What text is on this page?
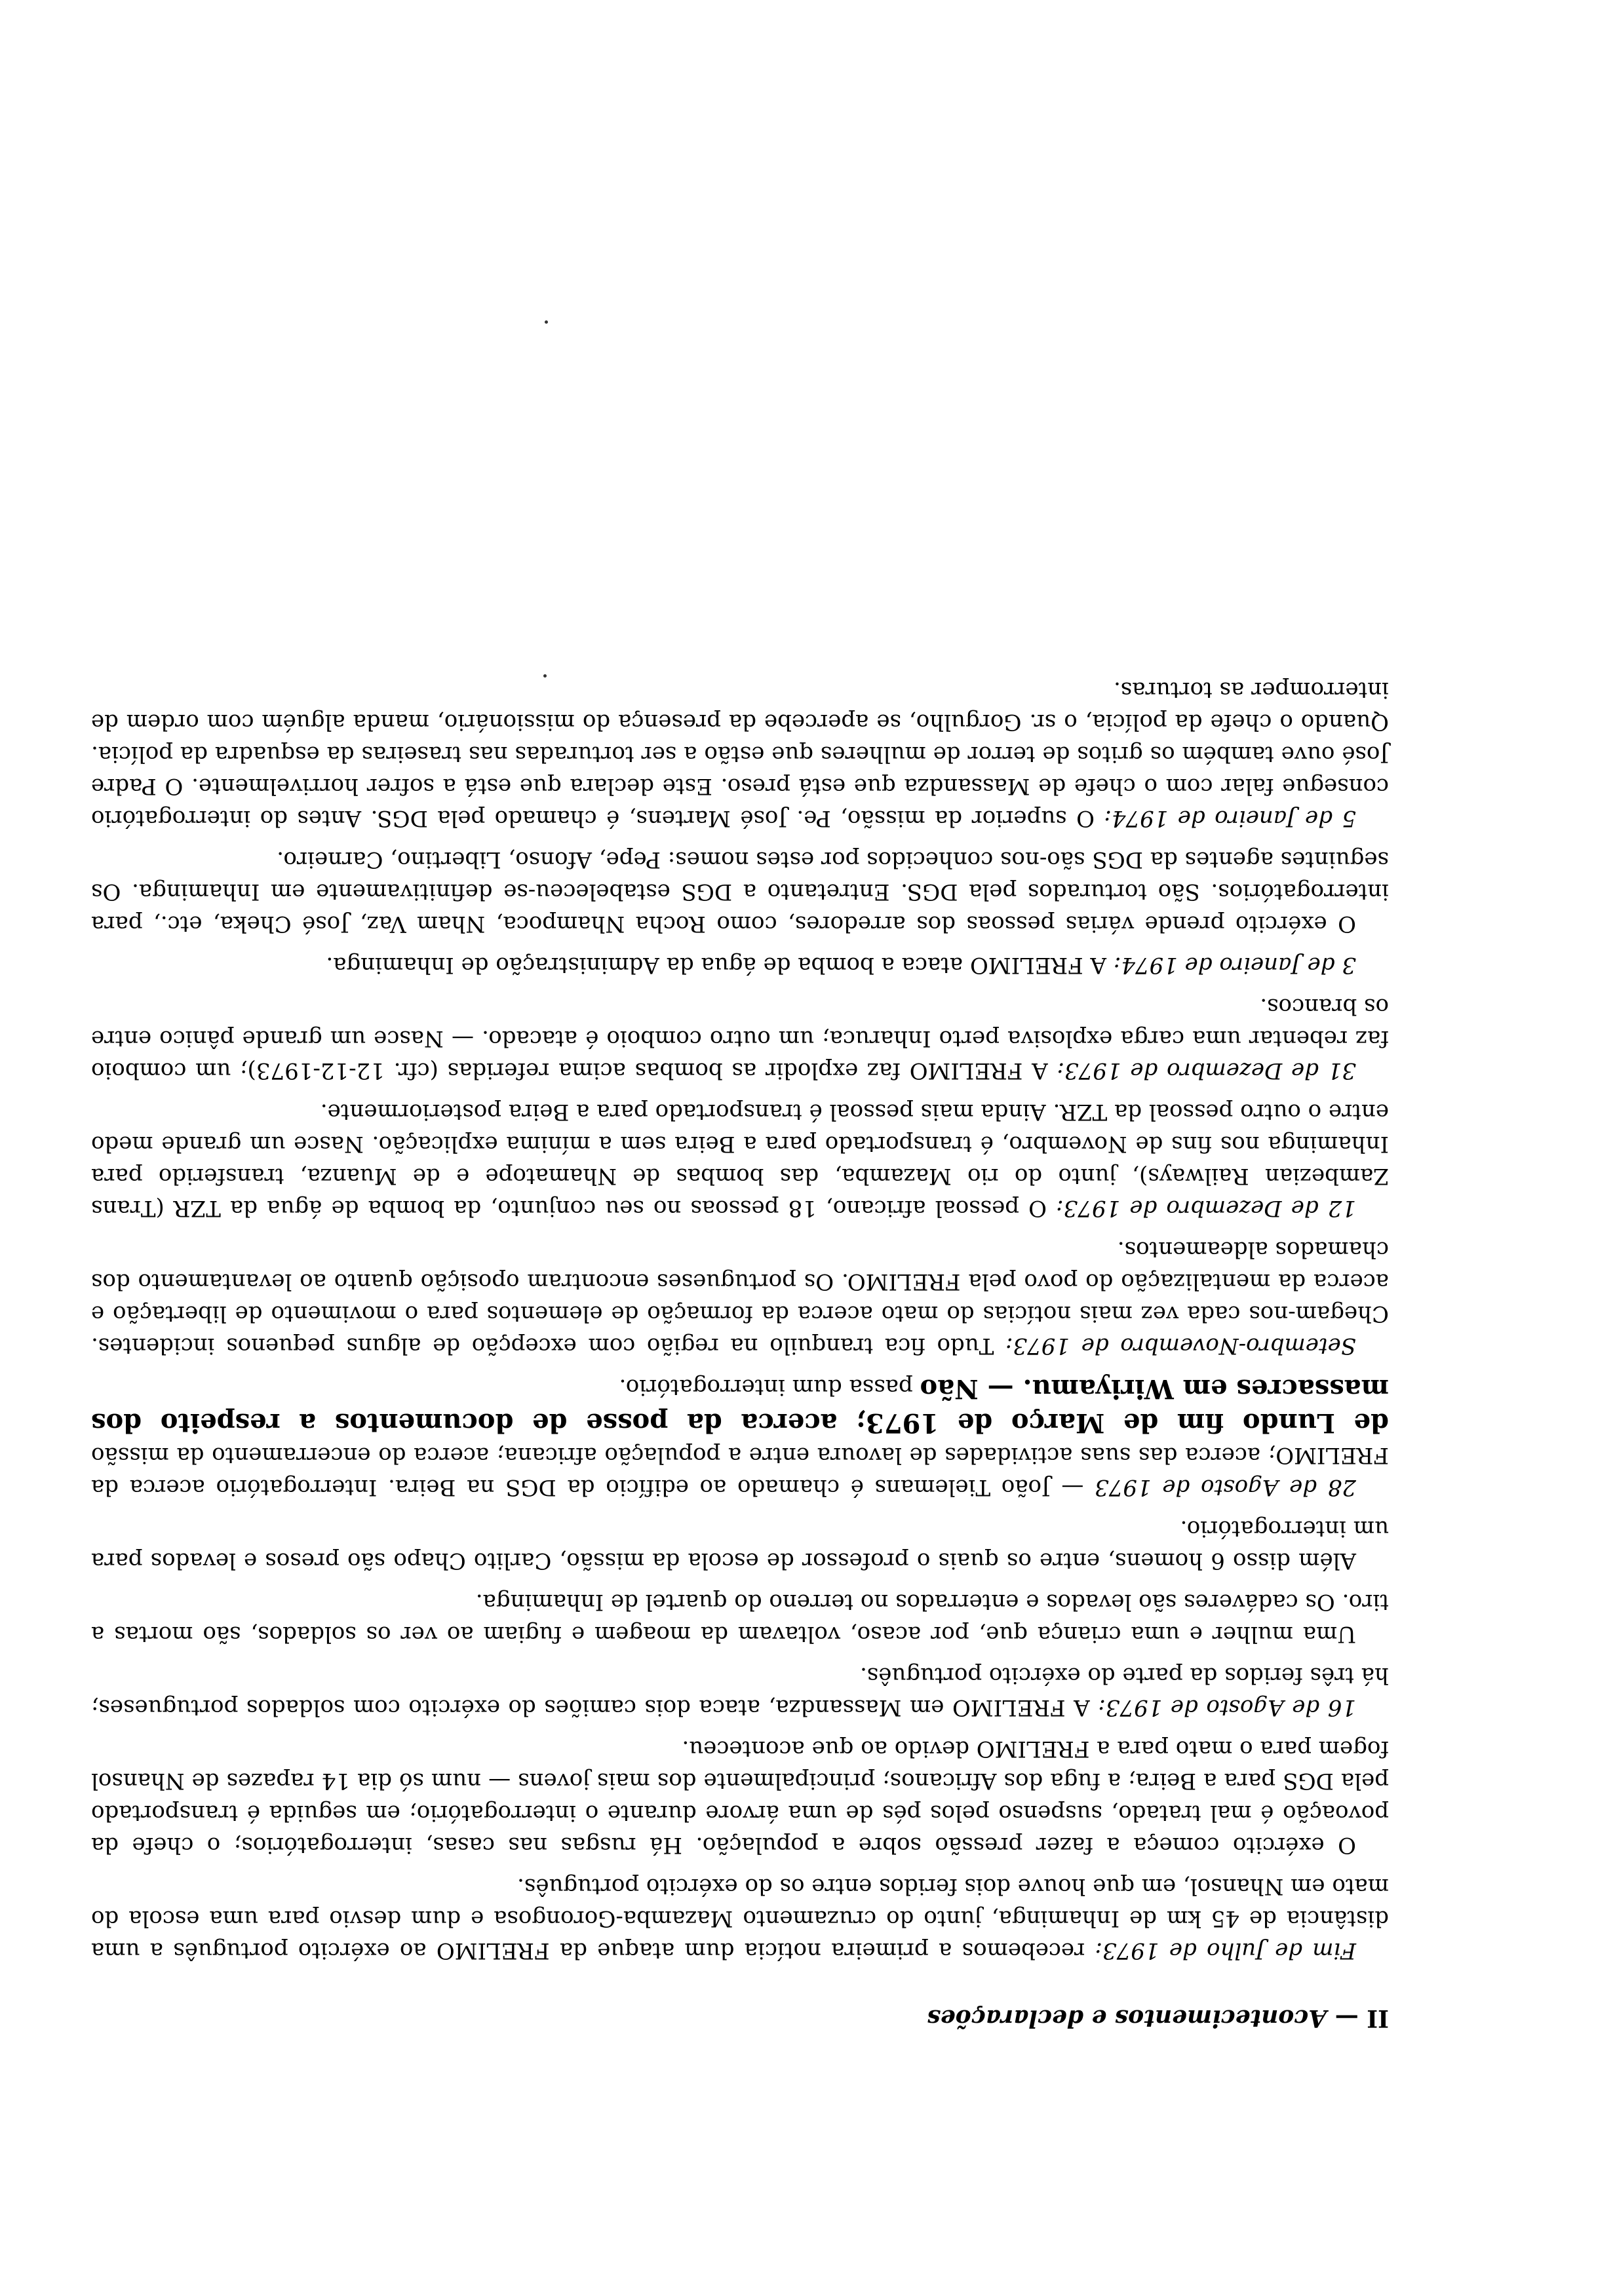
II — Acontecimentos e declarações

Fim de Julho de 1973: recebemos a primeira notícia dum ataque da FRELIMO ao exército português a uma distância de 45 km de Inhaminga, junto do cruzamento Mazamba-Gorongosa e dum desvio para uma escola do mato em Nhansol, em que houve dois feridos entre os do exército português.

O exército começa a fazer pressão sobre a população. Há rusgas nas casas, interrogatórios; o chefe da povoação é mal tratado, suspenso pelos pés de uma árvore durante o interrogatório; em seguida é transportado pela DGS para a Beira; a fuga dos Africanos; principalmente dos mais jovens — num só dia 14 rapazes de Nhansol fogem para o mato para a FRELIMO devido ao que aconteceu.

16 de Agosto de 1973: A FRELIMO em Massandza, ataca dois camiões do exército com soldados portugueses; há três feridos da parte do exército português.

Uma mulher e uma criança que, por acaso, voltavam da moagem e fugiam ao ver os soldados, são mortas a tiro. Os cadáveres são levados e enterrados no terreno do quartel de Inhaminga.

Além disso 6 homens, entre os quais o professor de escola da missão, Carlito Chapo são presos e levados para um interrogatório.

28 de Agosto de 1973 — João Tielemans é chamado ao edifício da DGS na Beira. Interrogatório acerca da FRELIMO; acerca das suas actividades de lavoura entre a população africana; acerca do encerramento da missão de Lundo fim de Março de 1973; acerca da posse de documentos a respeito dos massacres em Wiriyamu. — Não passa dum interrogatório.

Setembro-Novembro de 1973: Tudo fica tranquilo na região com excepção de alguns pequenos incidentes. Chegam-nos cada vez mais notícias do mato acerca da formação de elementos para o movimento de libertação e acerca da mentalização do povo pela FRELIMO. Os portugueses encontram oposição quanto ao levantamento dos chamados aldeamentos.

12 de Dezembro de 1973: O pessoal africano, 18 pessoas no seu conjunto, da bomba de água da TZR (Trans Zambezian Railways), junto do rio Mazamba, das bombas de Nhamatope e de Muanza, transferido para Inhaminga nos fins de Novembro, é transportado para a Beira sem a mínima explicação. Nasce um grande medo entre o outro pessoal da TZR. Ainda mais pessoal é transportado para a Beira posteriormente.

31 de Dezembro de 1973: A FRELIMO faz explodir as bombas acima referidas (cfr. 12-12-1973); um comboio faz rebentar uma carga explosiva perto Inharuca; um outro comboio é atacado. — Nasce um grande pânico entre os brancos.

3 de Janeiro de 1974: A FRELIMO ataca a bomba de água da Administração de Inhaminga.

O exército prende várias pessoas dos arredores, como Rocha Nhampoca, Nham Vaz, José Cheka, etc., para interrogatórios. São torturados pela DGS. Entretanto a DGS estabeleceu-se definitivamente em Inhaminga. Os seguintes agentes da DGS são-nos conhecidos por estes nomes: Pepe, Afonso, Libertino, Carneiro.

5 de Janeiro de 1974: O superior da missão, Pe. José Martens, é chamado pela DGS. Antes do interrogatório consegue falar com o chefe de Massandza que está preso. Este declara que está a sofrer horrivelmente. O Padre José ouve também os gritos de terror de mulheres que estão a ser torturadas nas traseiras da esquadra da polícia. Quando o chefe da polícia, o sr. Gorgulho, se apercebe da presença do missionário, manda alguém com ordem de interromper as torturas.
